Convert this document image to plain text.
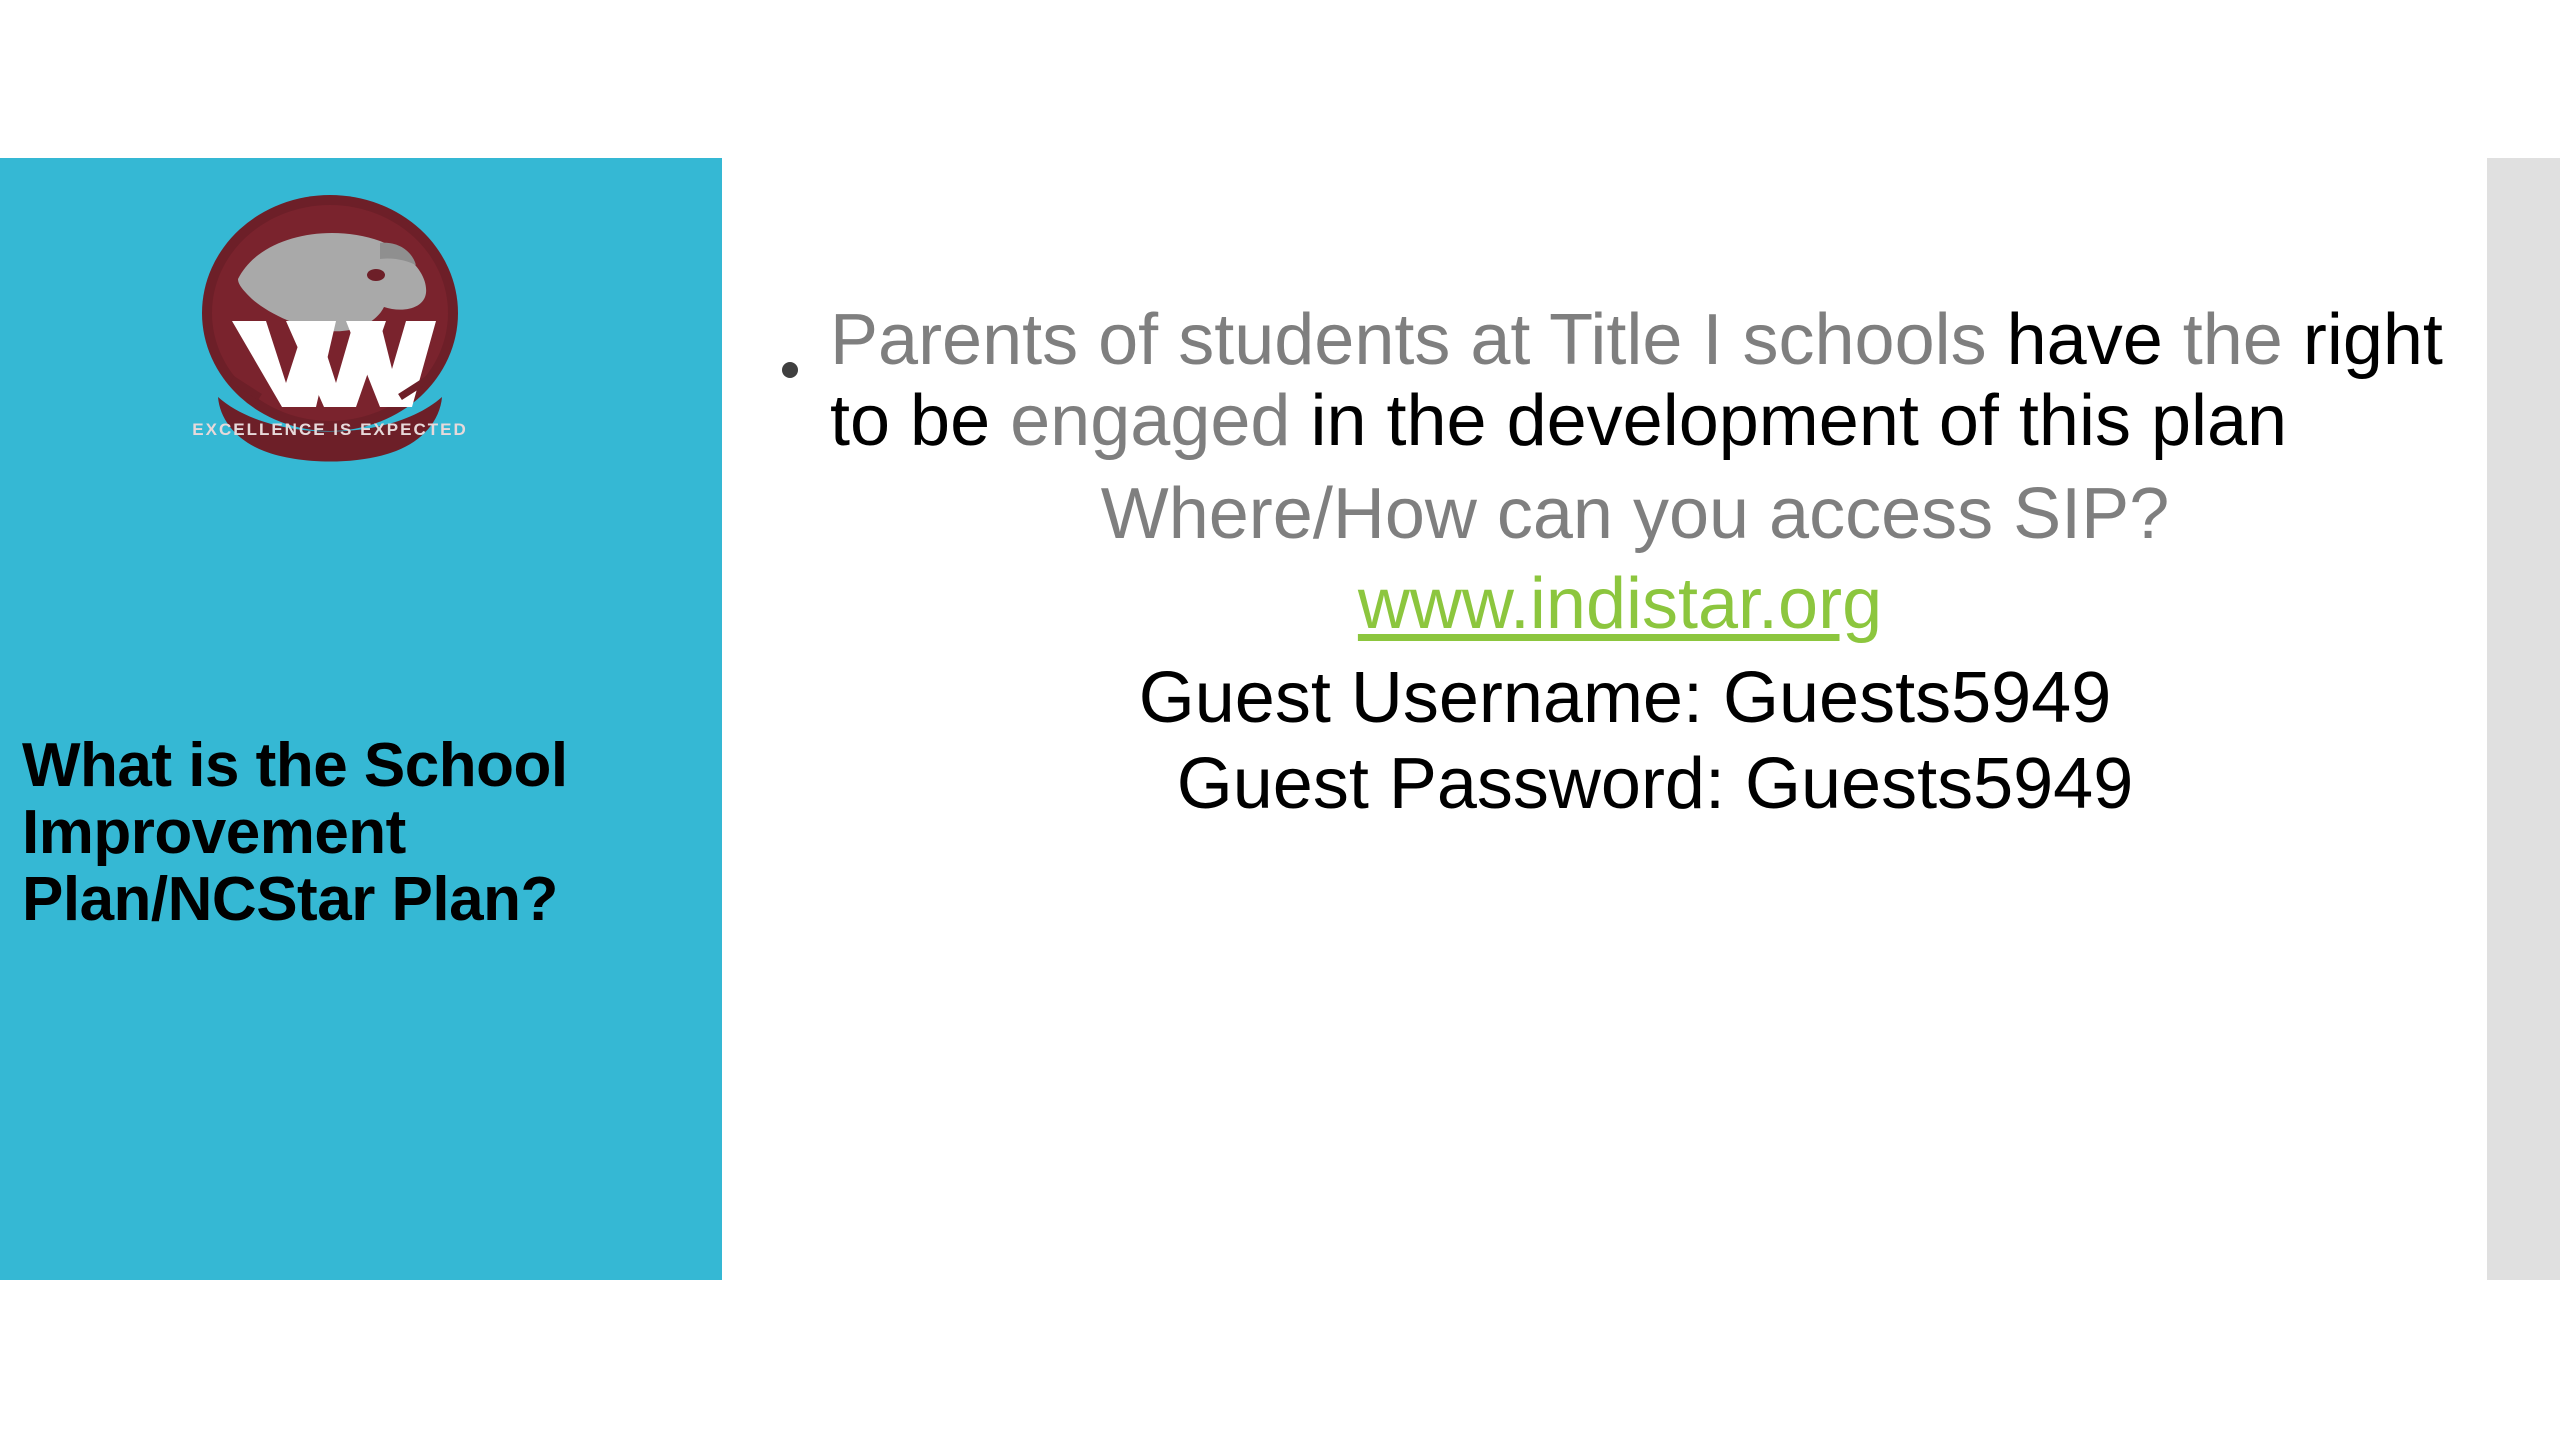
EXCELLENCE IS EXPECTED
What is the School Improvement Plan/NCStar Plan?

Parents of students at Title I schools have the right to be engaged in the development of this plan

Where/How can you access SIP?

www.indistar.org

Guest Username: Guests5949

Guest Password: Guests5949
